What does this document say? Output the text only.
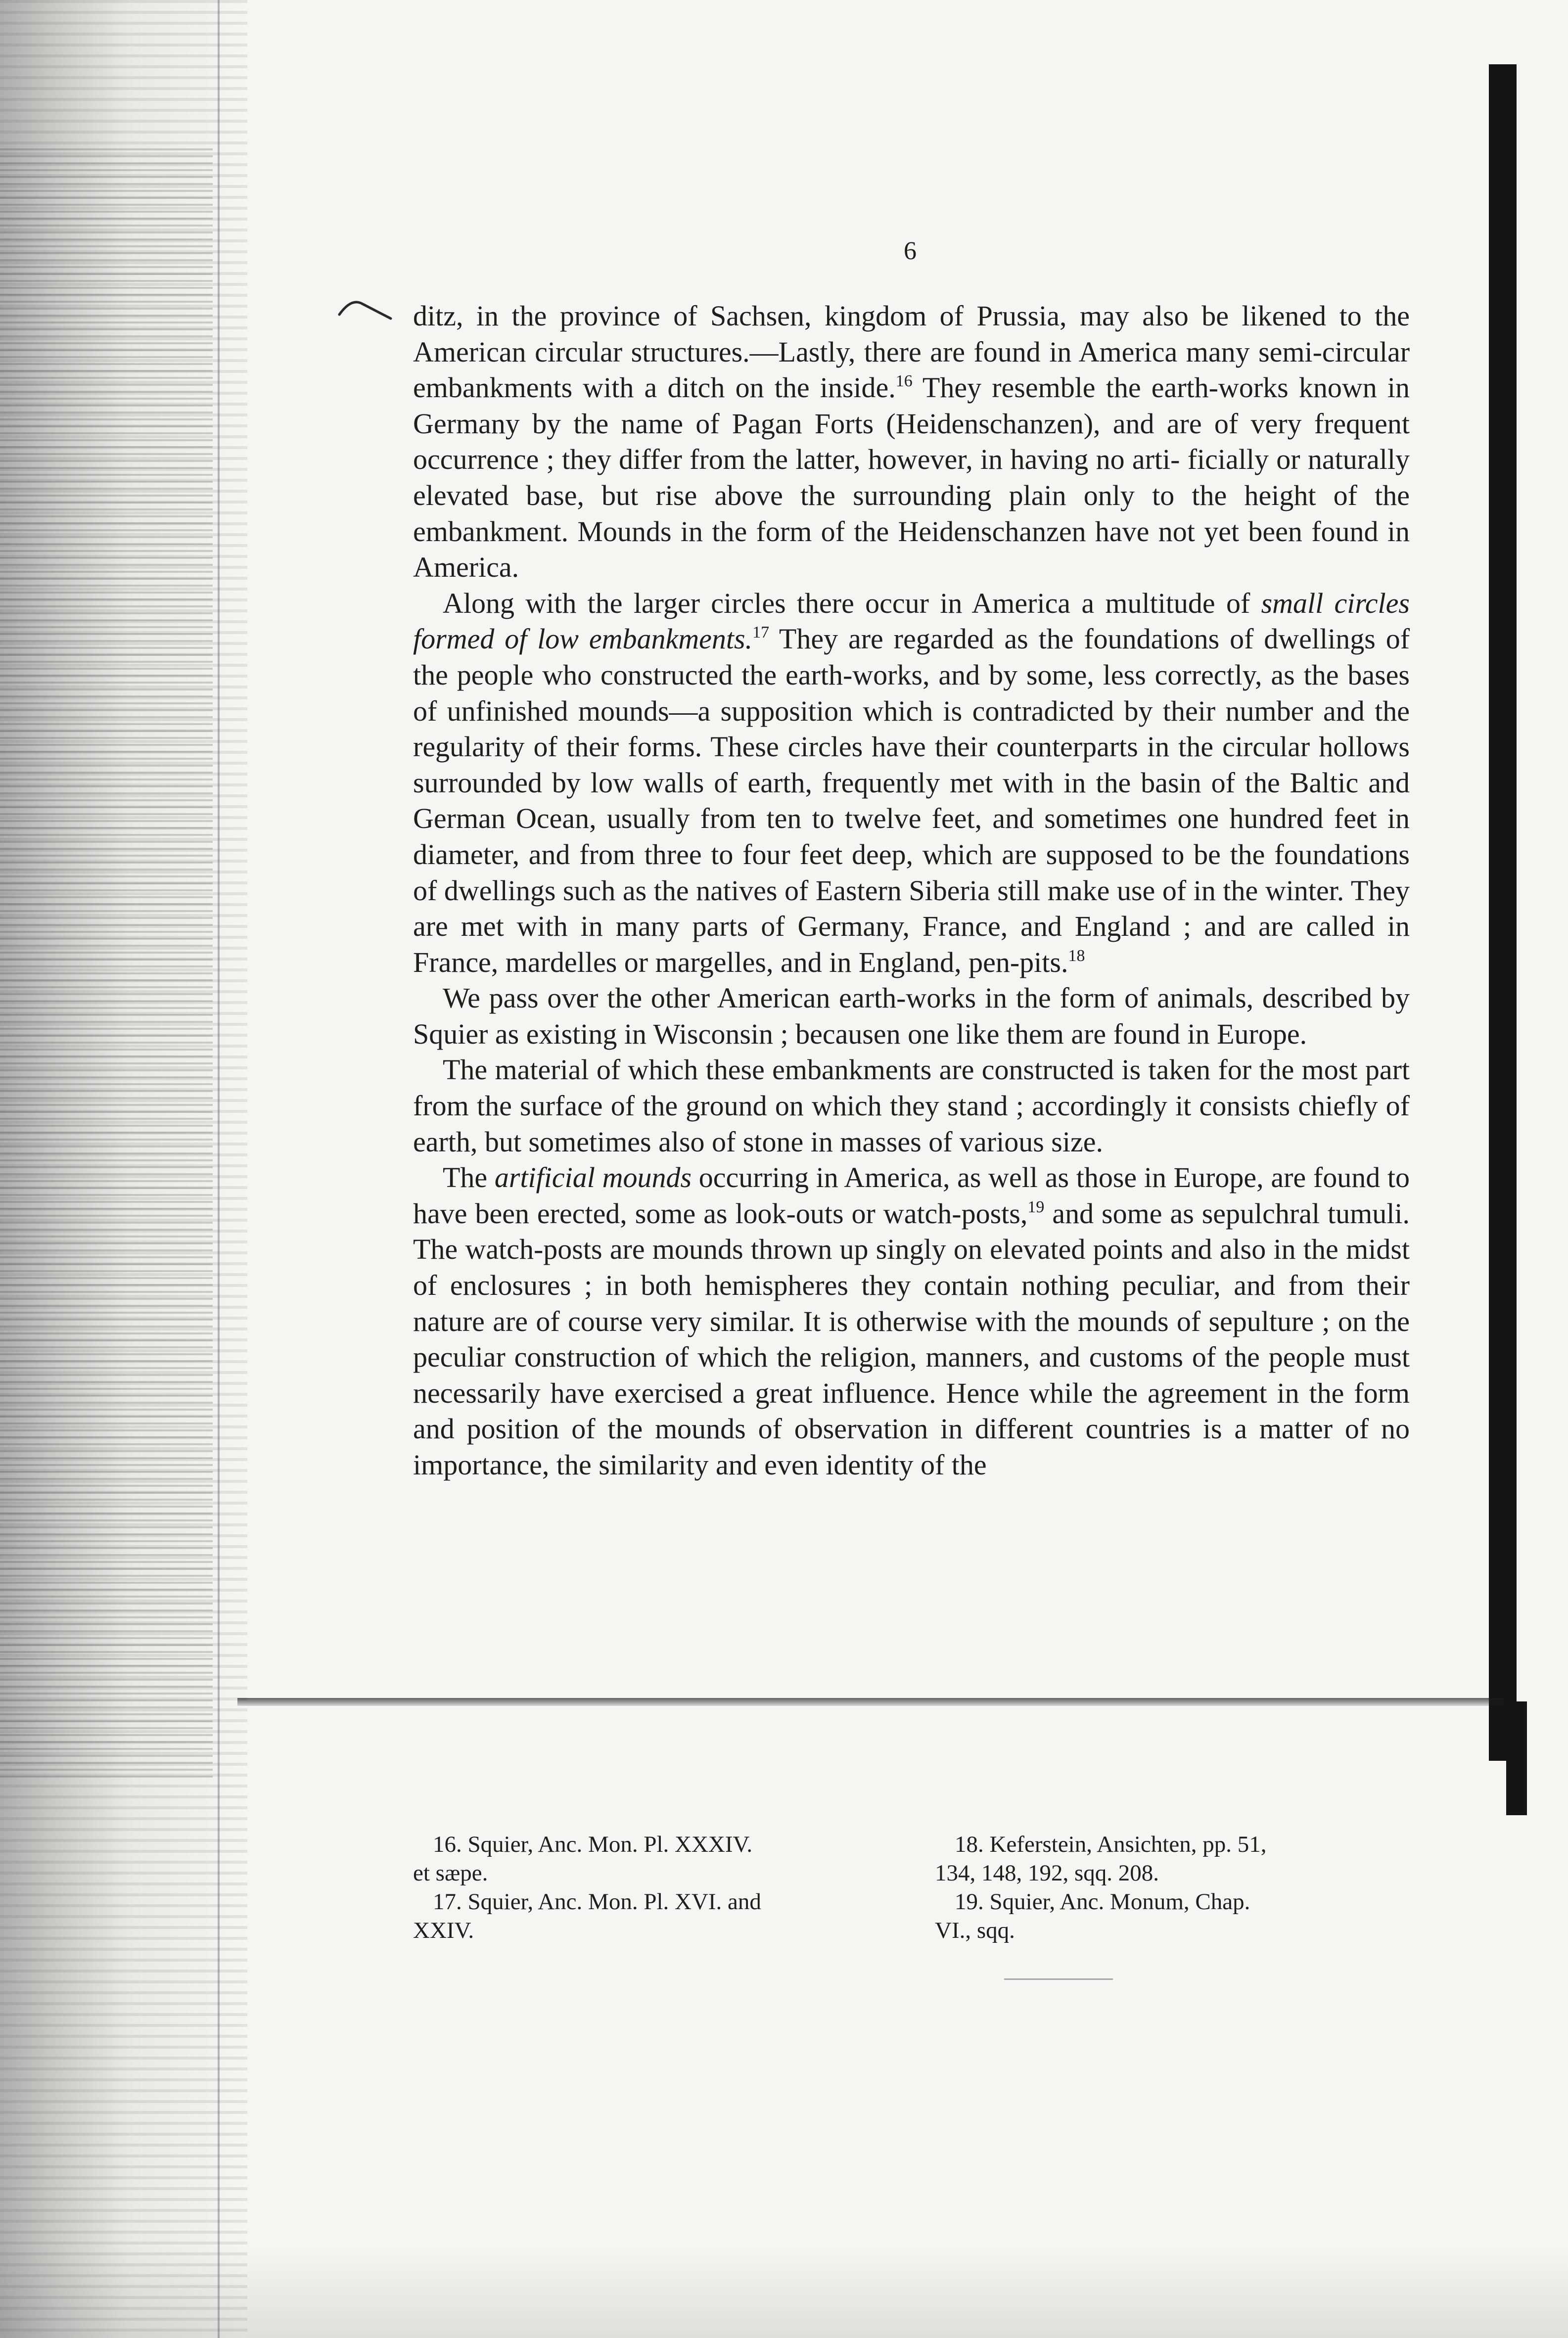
6

ditz, in the province of Sachsen, kingdom of Prussia, may also be likened to the American circular structures.—Lastly, there are found in America many semi-circular embankments with a ditch on the inside.$^{16}$ They resemble the earth-works known in Germany by the name of Pagan Forts (Heidenschanzen), and are of very frequent occurrence ; they differ from the latter, however, in having no arti- ficially or naturally elevated base, but rise above the surrounding plain only to the height of the embankment. Mounds in the form of the Heidenschanzen have not yet been found in America.

Along with the larger circles there occur in America a multitude of small circles formed of low embankments.$^{17}$ They are regarded as the foundations of dwellings of the people who constructed the earth-works, and by some, less correctly, as the bases of unfinished mounds—a supposition which is contradicted by their number and the regularity of their forms. These circles have their counterparts in the circular hollows surrounded by low walls of earth, frequently met with in the basin of the Baltic and German Ocean, usually from ten to twelve feet, and sometimes one hundred feet in diameter, and from three to four feet deep, which are supposed to be the foundations of dwellings such as the natives of Eastern Siberia still make use of in the winter. They are met with in many parts of Germany, France, and England ; and are called in France, mardelles or margelles, and in England, pen-pits.$^{18}$

We pass over the other American earth-works in the form of animals, described by Squier as existing in Wisconsin ; becausen one like them are found in Europe.

The material of which these embankments are constructed is taken for the most part from the surface of the ground on which they stand ; accordingly it consists chiefly of earth, but sometimes also of stone in masses of various size.

The artificial mounds occurring in America, as well as those in Europe, are found to have been erected, some as look-outs or watch-posts,$^{19}$ and some as sepulchral tumuli. The watch-posts are mounds thrown up singly on elevated points and also in the midst of enclosures ; in both hemispheres they contain nothing peculiar, and from their nature are of course very similar. It is otherwise with the mounds of sepulture ; on the peculiar construction of which the religion, manners, and customs of the people must necessarily have exercised a great influence. Hence while the agreement in the form and position of the mounds of observation in different countries is a matter of no importance, the similarity and even identity of the

16. Squier, Anc. Mon. Pl. XXXIV.

et sæpe.

17. Squier, Anc. Mon. Pl. XVI. and

XXIV.

18. Keferstein, Ansichten, pp. 51,

134, 148, 192, sqq. 208.

19. Squier, Anc. Monum, Chap.

VI., sqq.
